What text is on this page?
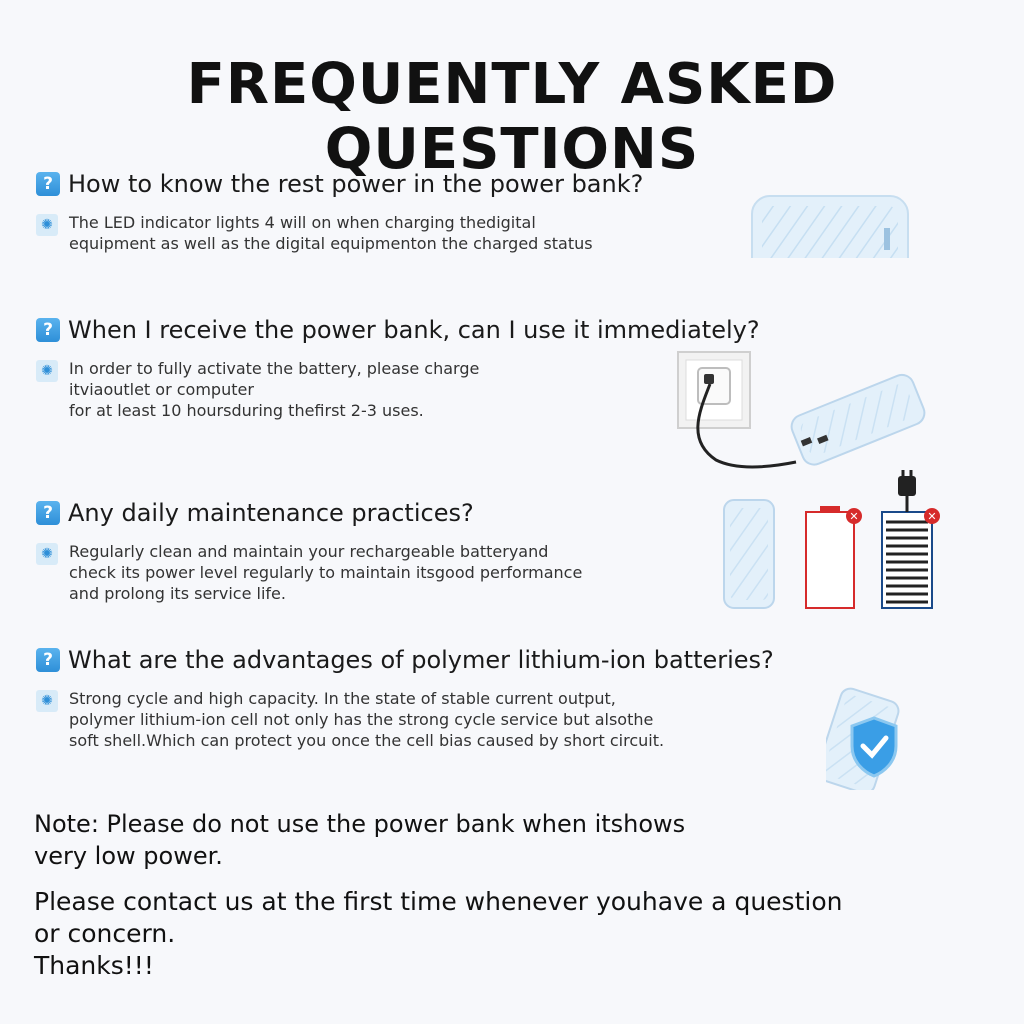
FREQUENTLY ASKED QUESTIONS
? How to know the rest power in the power bank?
✺	The LED indicator lights 4 will on when charging thedigital
equipment as well as the digital equipmenton the charged status
? When I receive the power bank, can I use it immediately?
✺	In order to fully activate the battery, please charge
itviaoutlet or computer
for at least 10 hoursduring thefirst 2-3 uses.
? Any daily maintenance practices?
✺	Regularly clean and maintain your rechargeable batteryand
check its power level regularly to maintain itsgood performance
and prolong its service life.
? What are the advantages of polymer lithium-ion batteries?
✺	Strong cycle and high capacity. In the state of stable current output,
polymer lithium-ion cell not only has the strong cycle service but alsothe
soft shell.Which can protect you once the cell bias caused by short circuit.
Note: Please do not use the power bank when itshows
very low power.
Please contact us at the first time whenever youhave a question
or concern.
Thanks!!!
✕	✕
